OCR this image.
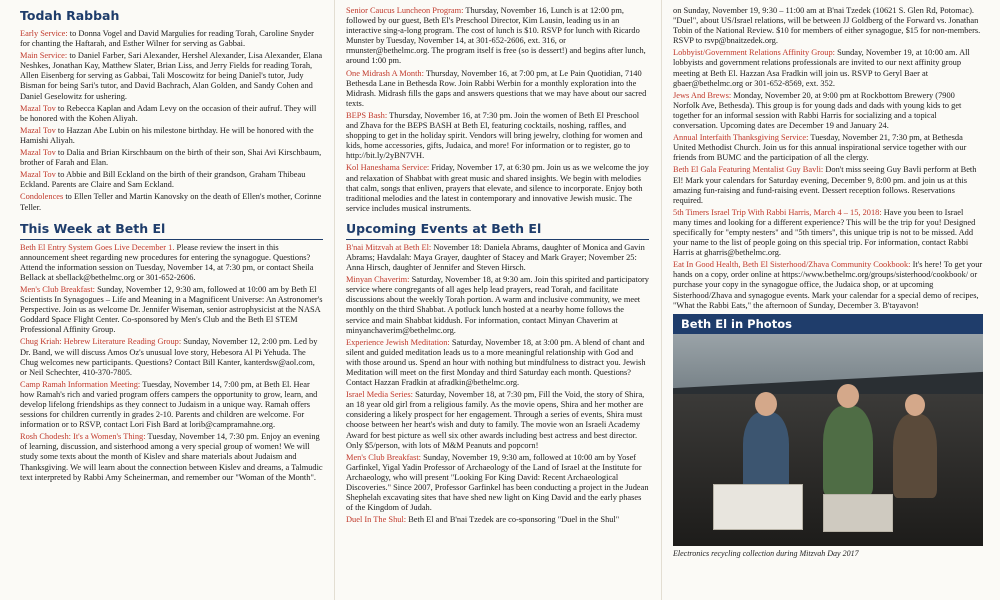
Todah Rabbah
Early Service: to Donna Vogel and David Margulies for reading Torah, Caroline Snyder for chanting the Haftarah, and Esther Wilner for serving as Gabbai.
Main Service: to Daniel Farber, Sari Alexander, Hershel Alexander, Lisa Alexander, Elana Neshkes, Jonathan Kay, Matthew Slater, Brian Liss, and Jerry Fields for reading Torah, Allen Eisenberg for serving as Gabbai, Tali Moscowitz for being Daniel's tutor, Judy Bisman for being Sari's tutor, and David Bachrach, Alan Golden, and Sandy Cohen and Daniel Geselowitz for ushering.
Mazal Tov to Rebecca Kaplan and Adam Levy on the occasion of their aufruf. They will be honored with the Kohen Aliyah.
Mazal Tov to Hazzan Abe Lubin on his milestone birthday. He will be honored with the Hamishi Aliyah.
Mazal Tov to Dalia and Brian Kirschbaum on the birth of their son, Shai Avi Kirschbaum, brother of Farah and Elan.
Mazal Tov to Abbie and Bill Eckland on the birth of their grandson, Graham Thibeau Eckland. Parents are Claire and Sam Eckland.
Condolences to Ellen Teller and Martin Kanovsky on the death of Ellen's mother, Corinne Teller.
This Week at Beth El
Beth El Entry System Goes Live December 1. Please review the insert in this announcement sheet regarding new procedures for entering the synagogue. Questions? Attend the information session on Tuesday, November 14, at 7:30 pm, or contact Sheila Bellack at sbellack@bethelmc.org or 301-652-2606.
Men's Club Breakfast: Sunday, November 12, 9:30 am, followed at 10:00 am by Beth El Scientists In Synagogues – Life and Meaning in a Magnificent Universe: An Astronomer's Perspective. Join us as welcome Dr. Jennifer Wiseman, senior astrophysicist at the NASA Goddard Space Flight Center. Co-sponsored by Men's Club and the Beth El STEM Professional Affinity Group.
Chug Kriah: Hebrew Literature Reading Group: Sunday, November 12, 2:00 pm. Led by Dr. Band, we will discuss Amos Oz's unusual love story, Hebesora Al Pi Yehuda. The Chug welcomes new participants. Questions? Contact Bill Kanter, kanterdsw@aol.com, or Neil Schechter, 410-370-7805.
Camp Ramah Information Meeting: Tuesday, November 14, 7:00 pm, at Beth El. Hear how Ramah's rich and varied program offers campers the opportunity to grow, learn, and develop lifelong friendships as they connect to Judaism in a unique way. Ramah offers sessions for children currently in grades 2-10. Parents and children are welcome. For information or to RSVP, contact Lori Fish Bard at lorib@campramahne.org.
Rosh Chodesh: It's a Women's Thing: Tuesday, November 14, 7:30 pm. Enjoy an evening of learning, discussion, and sisterhood among a very special group of women! We will study some texts about the month of Kislev and share materials about Judaism and Thanksgiving. We will learn about the connection between Kislev and dreams, a Talmudic text interpreted by Rabbi Amy Scheinerman, and remember our "Woman of the Month".
Senior Caucus Luncheon Program: Thursday, November 16, Lunch is at 12:00 pm, followed by our guest, Beth El's Preschool Director, Kim Lausin, leading us in an interactive sing-a-long program. The cost of lunch is $10. RSVP for lunch with Ricardo Munster by Tuesday, November 14, at 301-652-2606, ext. 316, or rmunster@bethelmc.org. The program itself is free (so is dessert!) and begins after lunch, around 1:00 pm.
One Midrash A Month: Thursday, November 16, at 7:00 pm, at Le Pain Quotidian, 7140 Bethesda Lane in Bethesda Row. Join Rabbi Werbin for a monthly exploration into the Midrash. Midrash fills the gaps and answers questions that we may have about our sacred texts.
BEPS Bash: Thursday, November 16, at 7:30 pm. Join the women of Beth El Preschool and Zhava for the BEPS BASH at Beth El, featuring cocktails, noshing, raffles, and shopping to get in the holiday spirit. Vendors will bring jewelry, clothing for women and kids, home accessories, gifts, Judaica, and more! For information or to register, go to http://bit.ly/2yBN7VH.
Kol Haneshama Service: Friday, November 17, at 6:30 pm. Join us as we welcome the joy and relaxation of Shabbat with great music and shared insights. We begin with melodies that calm, songs that enliven, prayers that elevate, and silence to incorporate. Enjoy both traditional melodies and the latest in contemporary and innovative Jewish music. The service includes musical instruments.
Upcoming Events at Beth El
B'nai Mitzvah at Beth El: November 18: Daniela Abrams, daughter of Monica and Gavin Abrams; Havdalah: Maya Grayer, daughter of Stacey and Mark Grayer; November 25: Anna Hirsch, daughter of Jennifer and Steven Hirsch.
Minyan Chaverim: Saturday, November 18, at 9:30 am. Join this spirited and participatory service where congregants of all ages help lead prayers, read Torah, and facilitate discussions about the weekly Torah portion. A warm and inclusive community, we meet monthly on the third Shabbat. A potluck lunch hosted at a nearby home follows the service and main Shabbat kiddush. For information, contact Minyan Chaverim at minyanchaverim@bethelmc.org.
Experience Jewish Meditation: Saturday, November 18, at 3:00 pm. A blend of chant and silent and guided meditation leads us to a more meaningful relationship with God and with those around us. Spend an hour with nothing but mindfulness to distract you. Jewish Meditation will meet on the first Monday and third Saturday each month. Questions? Contact Hazzan Fradkin at afradkin@bethelmc.org.
Israel Media Series: Saturday, November 18, at 7:30 pm, Fill the Void, the story of Shira, an 18 year old girl from a religious family. As the movie opens, Shira and her mother are considering a likely prospect for her engagement. Through a series of events, Shira must choose between her heart's wish and duty to family. The movie won an Israeli Academy Award for best picture as well six other awards including best actress and best director. Only $5/person, with lots of M&M Peanuts and popcorn!
Men's Club Breakfast: Sunday, November 19, 9:30 am, followed at 10:00 am by Yosef Garfinkel, Yigal Yadin Professor of Archaeology of the Land of Israel at the Institute for Archaeology, who will present "Looking For King David: Recent Archaeological Discoveries." Since 2007, Professor Garfinkel has been conducting a project in the Judean Shephelah excavating sites that have shed new light on King David and the early phases of the Kingdom of Judah.
Duel In The Shul: Beth El and B'nai Tzedek are co-sponsoring "Duel in the Shul"
on Sunday, November 19, 9:30 – 11:00 am at B'nai Tzedek (10621 S. Glen Rd, Potomac). "Duel", about US/Israel relations, will be between JJ Goldberg of the Forward vs. Jonathan Tobin of the National Review. $10 for members of either synagogue, $15 for non-members. RSVP to rsvp@bnaitzedek.org.
Lobbyist/Government Relations Affinity Group: Sunday, November 19, at 10:00 am. All lobbyists and government relations professionals are invited to our next affinity group meeting at Beth El. Hazzan Asa Fradkin will join us. RSVP to Geryl Baer at gbaer@bethelmc.org or 301-652-8569, ext. 352.
Jews And Brews: Monday, November 20, at 9:00 pm at Rockbottom Brewery (7900 Norfolk Ave, Bethesda). This group is for young dads and dads with young kids to get together for an informal session with Rabbi Harris for socializing and a topical conversation. Upcoming dates are December 19 and January 24.
Annual Interfaith Thanksgiving Service: Tuesday, November 21, 7:30 pm, at Bethesda United Methodist Church. Join us for this annual inspirational service together with our friends from BUMC and the participation of all the clergy.
Beth El Gala Featuring Mentalist Guy Bavli: Don't miss seeing Guy Bavli perform at Beth El! Mark your calendars for Saturday evening, December 9, 8:00 pm. and join us at this amazing fun-raising and fund-raising event. Dessert reception follows. Reservations required.
5th Timers Israel Trip With Rabbi Harris, March 4 – 15, 2018: Have you been to Israel many times and looking for a different experience? This will be the trip for you! Designed specifically for "empty nesters" and "5th timers", this unique trip is not to be missed. Add your name to the list of people going on this special trip. For information, contact Rabbi Harris at gharris@bethelmc.org.
Eat In Good Health, Beth El Sisterhood/Zhava Community Cookbook: It's here! To get your hands on a copy, order online at https://www.bethelmc.org/groups/sisterhood/cookbook/ or purchase your copy in the synagogue office, the Judaica shop, or at upcoming Sisterhood/Zhava and synagogue events. Mark your calendar for a special demo of recipes, "What the Rabbi Eats," the afternoon of Sunday, December 3. B'tayavon!
Beth El in Photos
Electronics recycling collection during Mitzvah Day 2017
